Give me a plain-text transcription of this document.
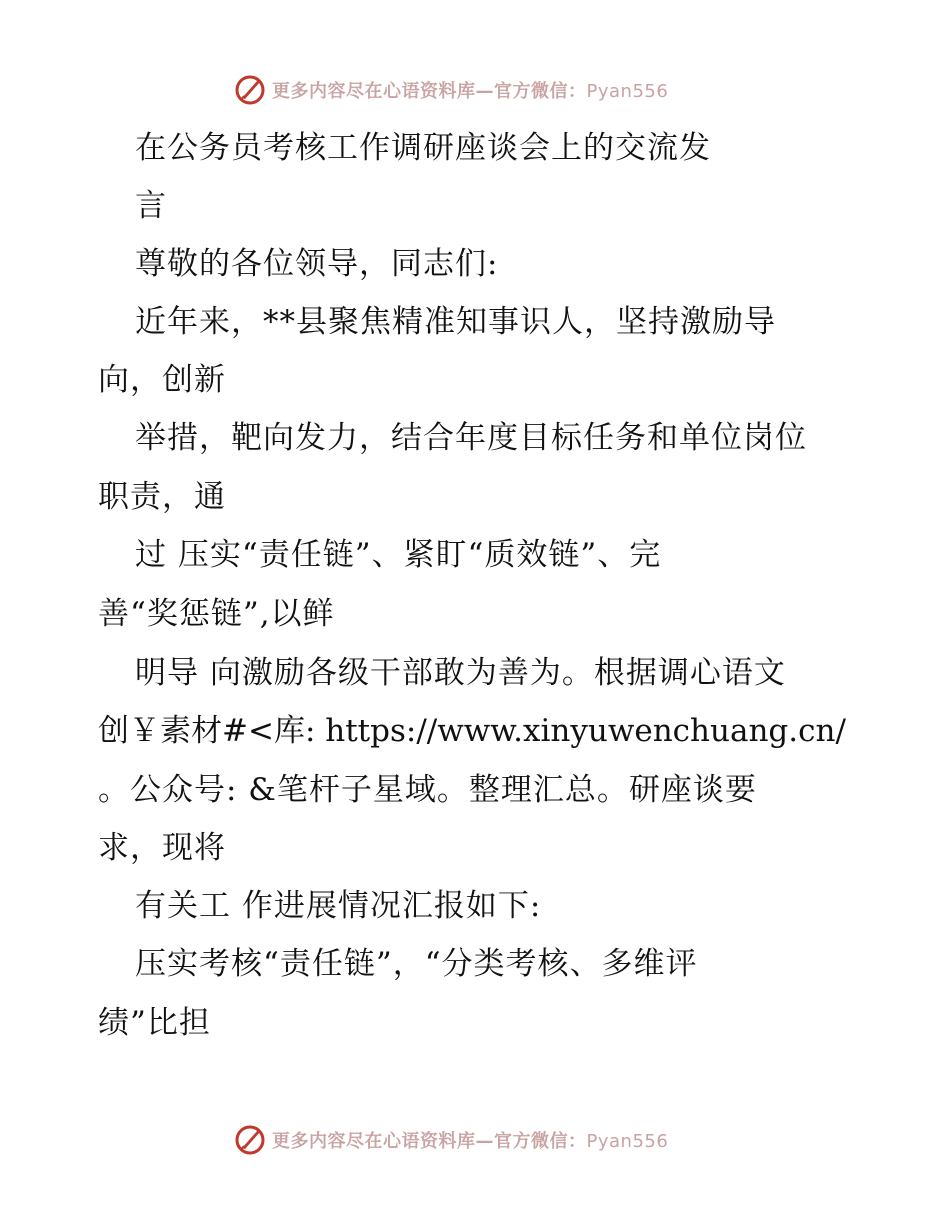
更多内容尽在心语资料库—官方微信：Pyan556
在公务员考核工作调研座谈会上的交流发
言
尊敬的各位领导，同志们:
近年来，**县聚焦精准知事识人，坚持激励导
向，创新
举措，靶向发力，结合年度目标任务和单位岗位
职责，通
过 压实“责任链”、紧盯“质效链”、完
善“奖惩链”,以鲜
明导 向激励各级干部敢为善为。根据调心语文
创￥素材#<库: https://www.xinyuwenchuang.cn/
。公众号: &笔杆子星域。整理汇总。研座谈要
求，现将
有关工 作进展情况汇报如下:
压实考核“责任链”，“分类考核、多维评
绩”比担
更多内容尽在心语资料库—官方微信：Pyan556
